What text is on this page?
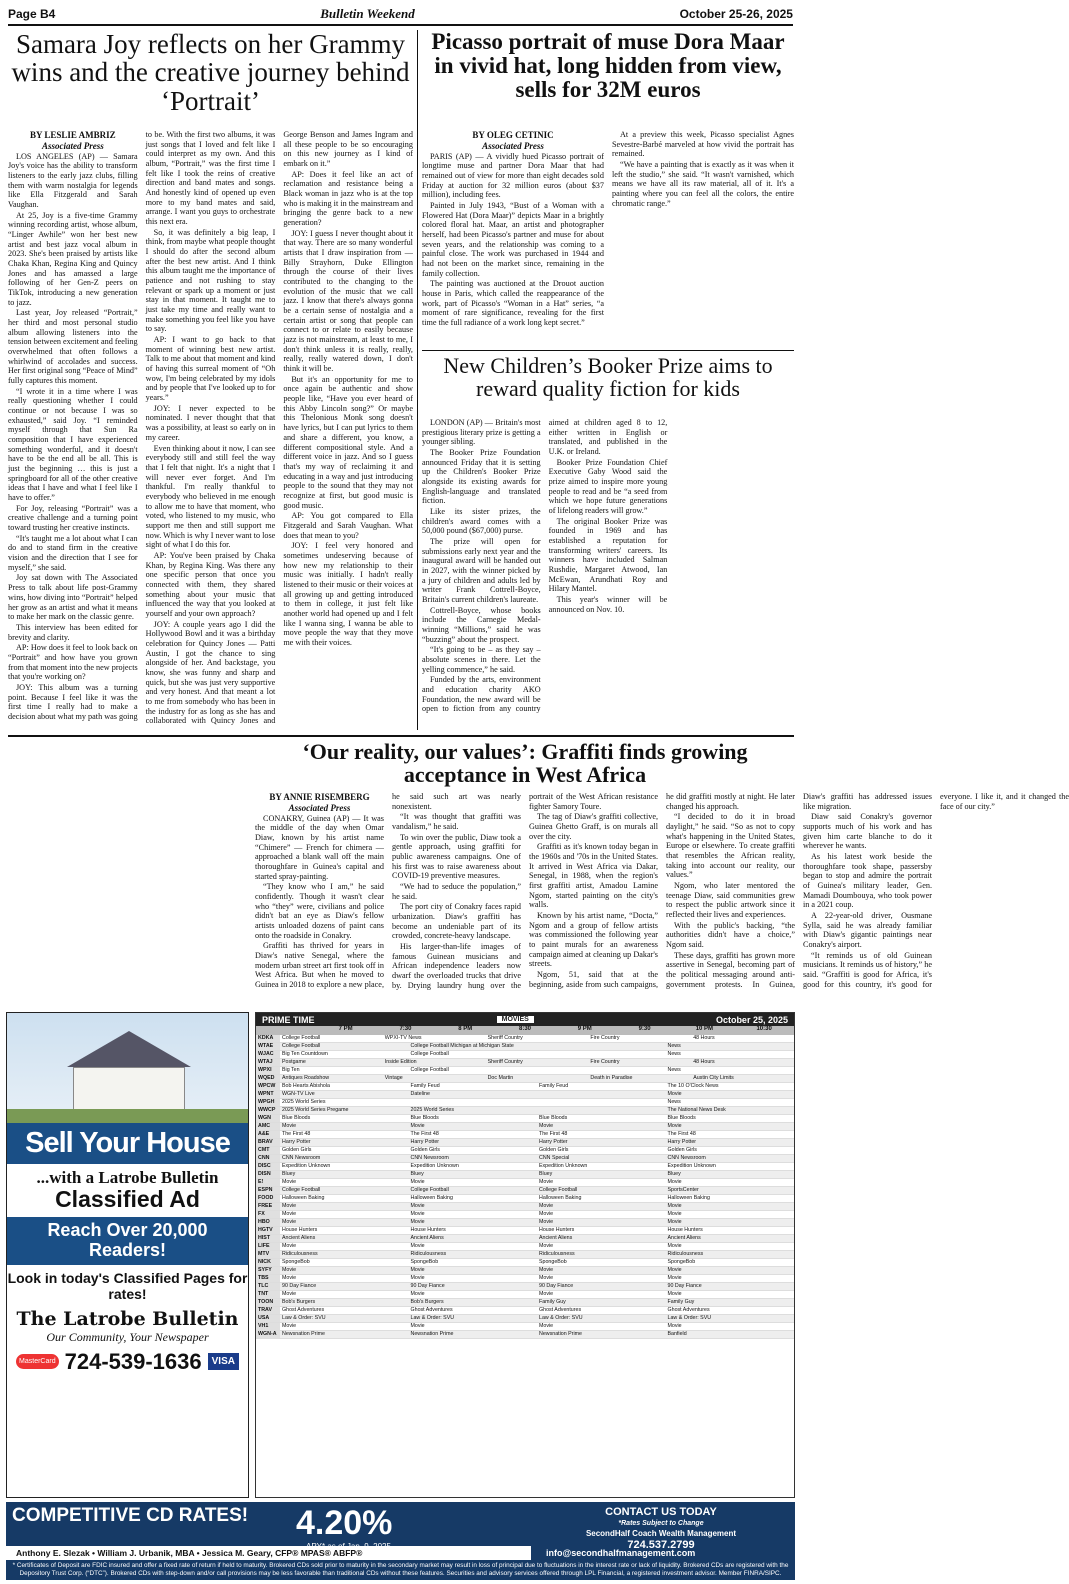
Page B4	Bulletin Weekend	October 25-26, 2025
Samara Joy reflects on her Grammy wins and the creative journey behind ‘Portrait’
BY LESLIE AMBRIZ
Associated Press

LOS ANGELES (AP) — Samara Joy's voice has the ability to transform listeners to the early jazz clubs, filling them with warm nostalgia for legends like Ella Fitzgerald and Sarah Vaughan.

At 25, Joy is a five-time Grammy winning recording artist, whose album, “Linger Awhile” won her best new artist and best jazz vocal album in 2023. She's been praised by artists like Chaka Khan, Regina King and Quincy Jones and has amassed a large following of her Gen-Z peers on TikTok, introducing a new generation to jazz.

Last year, Joy released “Portrait,” her third and most personal studio album allowing listeners into the tension between excitement and feeling overwhelmed that often follows a whirlwind of accolades and success. Her first original song “Peace of Mind” fully captures this moment.

“I wrote it in a time where I was really questioning whether I could continue or not because I was so exhausted,” said Joy. “I reminded myself through that Sun Ra composition that I have experienced something wonderful, and it doesn't have to be the end all be all. This is just the beginning … this is just a springboard for all of the other creative ideas that I have and what I feel like I have to offer.”

For Joy, releasing “Portrait” was a creative challenge and a turning point toward trusting her creative instincts.

“It's taught me a lot about what I can do and to stand firm in the creative vision and the direction that I see for myself,” she said.

Joy sat down with The Associated Press to talk about life post-Grammy wins, how diving into “Portrait” helped her grow as an artist and what it means to make her mark on the classic genre.

This interview has been edited for brevity and clarity.

AP: How does it feel to look back on “Portrait” and how have you grown from that moment into the new projects that you're working on?

JOY: This album was a turning point. Because I feel like it was the first time I really had to make a decision about what my path was going to be. With the first two albums, it was just songs that I loved and felt like I could interpret as my own. And this album, “Portrait,” was the first time I felt like I took the reins of creative direction and band mates and songs. And honestly kind of opened up even more to my band mates and said, arrange. I want you guys to orchestrate this next era.

So, it was definitely a big leap, I think, from maybe what people thought I should do after the second album after the best new artist. And I think this album taught me the importance of patience and not rushing to stay relevant or spark up a moment or just stay in that moment. It taught me to just take my time and really want to make something you feel like you have to say.

AP: I want to go back to that moment of winning best new artist. Talk to me about that moment and kind of having this surreal moment of “Oh wow, I'm being celebrated by my idols and by people that I've looked up to for years.”

JOY: I never expected to be nominated. I never thought that that was a possibility, at least so early on in my career.

Even thinking about it now, I can see everybody still and still feel the way that I felt that night. It's a night that I will never ever forget. And I'm thankful. I'm really thankful to everybody who believed in me enough to allow me to have that moment, who voted, who listened to my music, who support me then and still support me now. Which is why I never want to lose sight of what I do this for.

AP: You've been praised by Chaka Khan, by Regina King. Was there any one specific person that once you connected with them, they shared something about your music that influenced the way that you looked at yourself and your own approach?

JOY: A couple years ago I did the Hollywood Bowl and it was a birthday celebration for Quincy Jones — Patti Austin, I got the chance to sing alongside of her. And backstage, you know, she was funny and sharp and quick, but she was just very supportive and very honest. And that meant a lot to me from somebody who has been in the industry for as long as she has and collaborated with Quincy Jones and George Benson and James Ingram and all these people to be so encouraging on this new journey as I kind of embark on it.”

AP: Does it feel like an act of reclamation and resistance being a Black woman in jazz who is at the top who is making it in the mainstream and bringing the genre back to a new generation?

JOY: I guess I never thought about it that way. There are so many wonderful artists that I draw inspiration from — Billy Strayhorn, Duke Ellington through the course of their lives contributed to the changing to the evolution of the music that we call jazz. I know that there's always gonna be a certain sense of nostalgia and a certain artist or song that people can connect to or relate to easily because jazz is not mainstream, at least to me, I don't think unless it is really, really, really, really watered down, I don't think it will be.

But it's an opportunity for me to once again be authentic and show people like, “Have you ever heard of this Abby Lincoln song?” Or maybe this Thelonious Monk song doesn't have lyrics, but I can put lyrics to them and share a different, you know, a different compositional style. And a different voice in jazz. And so I guess that's my way of reclaiming it and educating in a way and just introducing people to the sound that they may not recognize at first, but good music is good music.

AP: You got compared to Ella Fitzgerald and Sarah Vaughan. What does that mean to you?

JOY: I feel very honored and sometimes undeserving because of how new my relationship to their music was initially. I hadn't really listened to their music or their voices at all growing up and getting introduced to them in college, it just felt like another world had opened up and I felt like I wanna sing, I wanna be able to move people the way that they move me with their voices.

Picasso portrait of muse Dora Maar in vivid hat, long hidden from view, sells for 32M euros
BY OLEG CETINIC
Associated Press

PARIS (AP) — A vividly hued Picasso portrait of longtime muse and partner Dora Maar that had remained out of view for more than eight decades sold Friday at auction for 32 million euros (about $37 million), including fees.

Painted in July 1943, “Bust of a Woman with a Flowered Hat (Dora Maar)” depicts Maar in a brightly colored floral hat. Maar, an artist and photographer herself, had been Picasso's partner and muse for about seven years, and the relationship was coming to a painful close. The work was purchased in 1944 and had not been on the market since, remaining in the family collection.

The painting was auctioned at the Drouot auction house in Paris, which called the reappearance of the work, part of Picasso's “Woman in a Hat” series, “a moment of rare significance, revealing for the first time the full radiance of a work long kept secret.”

At a preview this week, Picasso specialist Agnes Sevestre-Barbé marveled at how vivid the portrait has remained.

“We have a painting that is exactly as it was when it left the studio,” she said. “It wasn't varnished, which means we have all its raw material, all of it. It's a painting where you can feel all the colors, the entire chromatic range.”

New Children’s Booker Prize aims to reward quality fiction for kids

LONDON (AP) — Britain's most prestigious literary prize is getting a younger sibling.

The Booker Prize Foundation announced Friday that it is setting up the Children's Booker Prize alongside its existing awards for English-language and translated fiction.

Like its sister prizes, the children's award comes with a 50,000 pound ($67,000) purse.

The prize will open for submissions early next year and the inaugural award will be handed out in 2027, with the winner picked by a jury of children and adults led by writer Frank Cottrell-Boyce, Britain's current children's laureate.

Cottrell-Boyce, whose books include the Carnegie Medal-winning “Millions,” said he was “buzzing” about the prospect.

“It's going to be – as they say – absolute scenes in there. Let the yelling commence,” he said.

Funded by the arts, environment and education charity AKO Foundation, the new award will be open to fiction from any country aimed at children aged 8 to 12, either written in English or translated, and published in the U.K. or Ireland.

Booker Prize Foundation Chief Executive Gaby Wood said the prize aimed to inspire more young people to read and be “a seed from which we hope future generations of lifelong readers will grow.”

The original Booker Prize was founded in 1969 and has established a reputation for transforming writers' careers. Its winners have included Salman Rushdie, Margaret Atwood, Ian McEwan, Arundhati Roy and Hilary Mantel.

This year's winner will be announced on Nov. 10.

‘Our reality, our values’: Graffiti finds growing acceptance in West Africa
BY ANNIE RISEMBERG
Associated Press

CONAKRY, Guinea (AP) — It was the middle of the day when Omar Diaw, known by his artist name “Chimere” — French for chimera — approached a blank wall off the main thoroughfare in Guinea's capital and started spray-painting.

“They know who I am,” he said confidently. Though it wasn't clear who “they” were, civilians and police didn't bat an eye as Diaw's fellow artists unloaded dozens of paint cans onto the roadside in Conakry.

Graffiti has thrived for years in Diaw's native Senegal, where the modern urban street art first took off in West Africa. But when he moved to Guinea in 2018 to explore a new place, he said such art was nearly nonexistent.

“It was thought that graffiti was vandalism,” he said.

To win over the public, Diaw took a gentle approach, using graffiti for public awareness campaigns. One of his first was to raise awareness about COVID-19 preventive measures.

“We had to seduce the population,” he said.

The port city of Conakry faces rapid urbanization. Diaw's graffiti has become an undeniable part of its crowded, concrete-heavy landscape.

His larger-than-life images of famous Guinean musicians and African independence leaders now dwarf the overloaded trucks that drive by. Drying laundry hung over the portrait of the West African resistance fighter Samory Toure.

The tag of Diaw's graffiti collective, Guinea Ghetto Graff, is on murals all over the city.

Graffiti as it's known today began in the 1960s and '70s in the United States. It arrived in West Africa via Dakar, Senegal, in 1988, when the region's first graffiti artist, Amadou Lamine Ngom, started painting on the city's walls.

Known by his artist name, “Docta,” Ngom and a group of fellow artists was commissioned the following year to paint murals for an awareness campaign aimed at cleaning up Dakar's streets.

Ngom, 51, said that at the beginning, aside from such campaigns, he did graffiti mostly at night. He later changed his approach.

“I decided to do it in broad daylight,” he said. “So as not to copy what's happening in the United States, Europe or elsewhere. To create graffiti that resembles the African reality, taking into account our reality, our values.”

Ngom, who later mentored the teenage Diaw, said communities grew to respect the public artwork since it reflected their lives and experiences.

With the public's backing, “the authorities didn't have a choice,” Ngom said.

These days, graffiti has grown more assertive in Senegal, becoming part of the political messaging around anti-government protests. In Guinea, Diaw's graffiti has addressed issues like migration.

Diaw said Conakry's governor supports much of his work and has given him carte blanche to do it wherever he wants.

As his latest work beside the thoroughfare took shape, passersby began to stop and admire the portrait of Guinea's military leader, Gen. Mamadi Doumbouya, who took power in a 2021 coup.

A 22-year-old driver, Ousmane Sylla, said he was already familiar with Diaw's gigantic paintings near Conakry's airport.

“It reminds us of old Guinean musicians. It reminds us of history,” he said. “Graffiti is good for Africa, it's good for this country, it's good for everyone. I like it, and it changed the face of our city.”

Sell Your House
...with a Latrobe Bulletin
Classified Ad
Reach Over 20,000 Readers!
Look in today's Classified Pages for rates!
The Latrobe Bulletin
Our Community, Your Newspaper
MasterCard 724-539-1636	VISA
PRIME TIME	MOVIES	October 25, 2025
7 PM	7:30	8 PM	8:30	9 PM	9:30	10 PM	10:30
KDKA	College Football	WPXI-TV News	Sheriff Country	Fire Country	48 Hours
WTAE	College Football	College Football Michigan at Michigan State	News
WJAC	Big Ten Countdown	College Football	News
WTAJ	Postgame	Inside Edition	Sheriff Country	Fire Country	48 Hours
WPXI	Big Ten	College Football	News
WQED	Antiques Roadshow	Vintage	Doc Martin	Death in Paradise	Austin City Limits
WPCW	Bob Hearts Abishola	Family Feud	Family Feud	The 10 O'Clock News
WPNT	WGN-TV Live	Dateline	Movie
WPGH	2025 World Series	News
WWCP	2025 World Series Pregame	2025 World Series	The National News Desk
WGN	Blue Bloods	Blue Bloods	Blue Bloods	Blue Bloods
AMC	Movie	Movie	Movie	Movie
A&E	The First 48	The First 48	The First 48	The First 48
BRAV	Harry Potter	Harry Potter	Harry Potter	Harry Potter
CMT	Golden Girls	Golden Girls	Golden Girls	Golden Girls
CNN	CNN Newsroom	CNN Newsroom	CNN Special	CNN Newsroom
DISC	Expedition Unknown	Expedition Unknown	Expedition Unknown	Expedition Unknown
DISN	Bluey	Bluey	Bluey	Bluey
E!	Movie	Movie	Movie	Movie
ESPN	College Football	College Football	College Football	SportsCenter
FOOD	Halloween Baking	Halloween Baking	Halloween Baking	Halloween Baking
FREE	Movie	Movie	Movie	Movie
FX	Movie	Movie	Movie	Movie
HBO	Movie	Movie	Movie	Movie
HGTV	House Hunters	House Hunters	House Hunters	House Hunters
HIST	Ancient Aliens	Ancient Aliens	Ancient Aliens	Ancient Aliens
LIFE	Movie	Movie	Movie	Movie
MTV	Ridiculousness	Ridiculousness	Ridiculousness	Ridiculousness
NICK	SpongeBob	SpongeBob	SpongeBob	SpongeBob
SYFY	Movie	Movie	Movie	Movie
TBS	Movie	Movie	Movie	Movie
TLC	90 Day Fiance	90 Day Fiance	90 Day Fiance	90 Day Fiance
TNT	Movie	Movie	Movie	Movie
TOON	Bob's Burgers	Bob's Burgers	Family Guy	Family Guy
TRAV	Ghost Adventures	Ghost Adventures	Ghost Adventures	Ghost Adventures
USA	Law & Order: SVU	Law & Order: SVU	Law & Order: SVU	Law & Order: SVU
VH1	Movie	Movie	Movie	Movie
WGN-A	Newsnation Prime	Newsnation Prime	Newsnation Prime	Banfield
COMPETITIVE CD RATES! 4.20%	CONTACT US TODAY
*Rates Subject to Change
SecondHalf Coach Wealth Management
724.537.2799
Anthony E. Slezak • William J. Urbanik, MBA • Jessica M. Geary, CFP® MPAS® ABFP®	info@secondhalfmanagement.com
* Certificates of Deposit are FDIC insured and offer a fixed rate of return if held to maturity. Brokered CDs sold prior to maturity in the secondary market may result in loss of principal due to fluctuations in the interest rate or lack of liquidity. Brokered CDs are registered with the Depository Trust Corp. (“DTC”). Brokered CDs with step-down and/or call provisions may be less favorable than traditional CDs without these features. Securities and advisory services offered through LPL Financial, a registered investment advisor. Member FINRA/SIPC.
